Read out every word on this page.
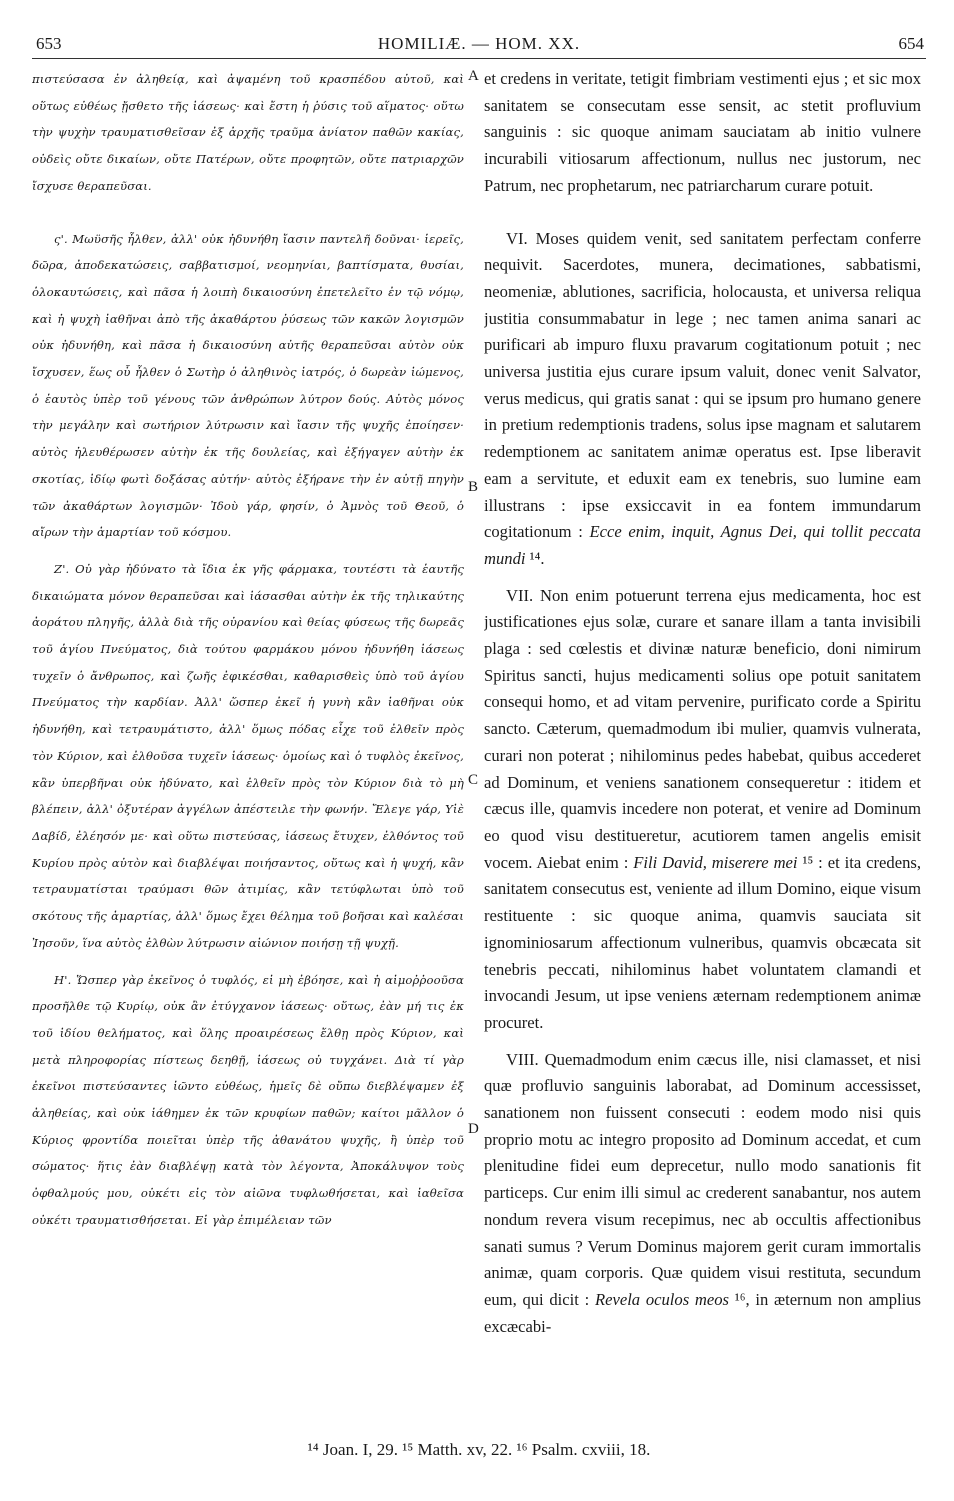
653	HOMILIÆ. — HOM. XX.	654
A
B
C
D

πιστεύσασα ἐν ἀληθείᾳ, καὶ ἀψαμένη τοῦ κρασπέδου αὐτοῦ, καὶ οὕτως εὐθέως ᾔσθετο τῆς ἰάσεως· καὶ ἔστη ἡ ῥύσις τοῦ αἵματος· οὕτω τὴν ψυχὴν τραυματισθεῖσαν ἐξ ἀρχῆς τραῦμα ἀνίατον παθῶν κακίας, οὐδεὶς οὔτε δικαίων, οὔτε Πατέρων, οὔτε προφητῶν, οὔτε πατριαρχῶν ἴσχυσε θεραπεῦσαι.

ς'. Μωϋσῆς ἦλθεν, ἀλλ' οὐκ ἠδυνήθη ἴασιν παντελῆ δοῦναι· ἱερεῖς, δῶρα, ἀποδεκατώσεις, σαββατισμοί, νεομηνίαι, βαπτίσματα, θυσίαι, ὁλοκαυτώσεις, καὶ πᾶσα ἡ λοιπὴ δικαιοσύνη ἐπετελεῖτο ἐν τῷ νόμῳ, καὶ ἡ ψυχὴ ἰαθῆναι ἀπὸ τῆς ἀκαθάρτου ῥύσεως τῶν κακῶν λογισμῶν οὐκ ἠδυνήθη, καὶ πᾶσα ἡ δικαιοσύνη αὐτῆς θεραπεῦσαι αὐτὸν οὐκ ἴσχυσεν, ἕως οὗ ἦλθεν ὁ Σωτὴρ ὁ ἀληθινὸς ἰατρός, ὁ δωρεὰν ἰώμενος, ὁ ἑαυτὸς ὑπὲρ τοῦ γένους τῶν ἀνθρώπων λύτρον δούς. Αὐτὸς μόνος τὴν μεγάλην καὶ σωτήριον λύτρωσιν καὶ ἴασιν τῆς ψυχῆς ἐποίησεν· αὐτὸς ἠλευθέρωσεν αὐτὴν ἐκ τῆς δουλείας, καὶ ἐξήγαγεν αὐτὴν ἐκ σκοτίας, ἰδίῳ φωτὶ δοξάσας αὐτήν· αὐτὸς ἐξήρανε τὴν ἐν αὐτῇ πηγὴν τῶν ἀκαθάρτων λογισμῶν· Ἰδοὺ γάρ, φησίν, ὁ Ἀμνὸς τοῦ Θεοῦ, ὁ αἴρων τὴν ἁμαρτίαν τοῦ κόσμου.

Ζ'. Οὐ γὰρ ἠδύνατο τὰ ἴδια ἐκ γῆς φάρμακα, τουτέστι τὰ ἑαυτῆς δικαιώματα μόνον θεραπεῦσαι καὶ ἰάσασθαι αὐτὴν ἐκ τῆς τηλικαύτης ἀοράτου πληγῆς, ἀλλὰ διὰ τῆς οὐρανίου καὶ θείας φύσεως τῆς δωρεᾶς τοῦ ἁγίου Πνεύματος, διὰ τούτου φαρμάκου μόνου ἠδυνήθη ἰάσεως τυχεῖν ὁ ἄνθρωπος, καὶ ζωῆς ἐφικέσθαι, καθαρισθεὶς ὑπὸ τοῦ ἁγίου Πνεύματος τὴν καρδίαν. Ἀλλ' ὥσπερ ἐκεῖ ἡ γυνὴ κἂν ἰαθῆναι οὐκ ἠδυνήθη, καὶ τετραυμάτιστο, ἀλλ' ὅμως πόδας εἶχε τοῦ ἐλθεῖν πρὸς τὸν Κύριον, καὶ ἐλθοῦσα τυχεῖν ἰάσεως· ὁμοίως καὶ ὁ τυφλὸς ἐκεῖνος, κἂν ὑπερβῆναι οὐκ ἠδύνατο, καὶ ἐλθεῖν πρὸς τὸν Κύριον διὰ τὸ μὴ βλέπειν, ἀλλ' ὀξυτέραν ἀγγέλων ἀπέστειλε τὴν φωνήν. Ἔλεγε γάρ, Υἱὲ Δαβίδ, ἐλέησόν με· καὶ οὕτω πιστεύσας, ἰάσεως ἔτυχεν, ἐλθόντος τοῦ Κυρίου πρὸς αὐτὸν καὶ διαβλέψαι ποιήσαντος, οὕτως καὶ ἡ ψυχή, κἂν τετραυματίσται τραύμασι θῶν ἀτιμίας, κἂν τετύφλωται ὑπὸ τοῦ σκότους τῆς ἁμαρτίας, ἀλλ' ὅμως ἔχει θέλημα τοῦ βοῆσαι καὶ καλέσαι Ἰησοῦν, ἵνα αὐτὸς ἐλθὼν λύτρωσιν αἰώνιον ποιήσῃ τῇ ψυχῇ.

Η'. Ὥσπερ γὰρ ἐκεῖνος ὁ τυφλός, εἰ μὴ ἐβόησε, καὶ ἡ αἱμοῤῥοοῦσα προσῆλθε τῷ Κυρίῳ, οὐκ ἂν ἐτύγχανον ἰάσεως· οὕτως, ἐὰν μή τις ἐκ τοῦ ἰδίου θελήματος, καὶ ὅλης προαιρέσεως ἔλθῃ πρὸς Κύριον, καὶ μετὰ πληροφορίας πίστεως δεηθῇ, ἰάσεως οὐ τυγχάνει. Διὰ τί γὰρ ἐκεῖνοι πιστεύσαντες ἰῶντο εὐθέως, ἡμεῖς δὲ οὔπω διεβλέψαμεν ἐξ ἀληθείας, καὶ οὐκ ἰάθημεν ἐκ τῶν κρυφίων παθῶν; καίτοι μᾶλλον ὁ Κύριος φροντίδα ποιεῖται ὑπὲρ τῆς ἀθανάτου ψυχῆς, ἢ ὑπὲρ τοῦ σώματος· ἥτις ἐὰν διαβλέψῃ κατὰ τὸν λέγοντα, Ἀποκάλυψον τοὺς ὀφθαλμούς μου, οὐκέτι εἰς τὸν αἰῶνα τυφλωθήσεται, καὶ ἰαθεῖσα οὐκέτι τραυματισθήσεται. Εἰ γὰρ ἐπιμέλειαν τῶν

et credens in veritate, tetigit fimbriam vestimenti ejus ; et sic mox sanitatem se consecutam esse sensit, ac stetit profluvium sanguinis : sic quoque animam sauciatam ab initio vulnere incurabili vitiosarum affectionum, nullus nec justorum, nec Patrum, nec prophetarum, nec patriarcharum curare potuit.

VI. Moses quidem venit, sed sanitatem perfectam conferre nequivit. Sacerdotes, munera, decimationes, sabbatismi, neomeniæ, ablutiones, sacrificia, holocausta, et universa reliqua justitia consummabatur in lege ; nec tamen anima sanari ac purificari ab impuro fluxu pravarum cogitationum potuit ; nec universa justitia ejus curare ipsum valuit, donec venit Salvator, verus medicus, qui gratis sanat : qui se ipsum pro humano genere in pretium redemptionis tradens, solus ipse magnam et salutarem redemptionem ac sanitatem animæ operatus est. Ipse liberavit eam a servitute, et eduxit eam ex tenebris, suo lumine eam illustrans : ipse exsiccavit in ea fontem immundarum cogitationum : Ecce enim, inquit, Agnus Dei, qui tollit peccata mundi ¹⁴.

VII. Non enim potuerunt terrena ejus medicamenta, hoc est justificationes ejus solæ, curare et sanare illam a tanta invisibili plaga : sed cœlestis et divinæ naturæ beneficio, doni nimirum Spiritus sancti, hujus medicamenti solius ope potuit sanitatem consequi homo, et ad vitam pervenire, purificato corde a Spiritu sancto. Cæterum, quemadmodum ibi mulier, quamvis vulnerata, curari non poterat ; nihilominus pedes habebat, quibus accederet ad Dominum, et veniens sanationem consequeretur : itidem et cæcus ille, quamvis incedere non poterat, et venire ad Dominum eo quod visu destitueretur, acutiorem tamen angelis emisit vocem. Aiebat enim : Fili David, miserere mei ¹⁵ : et ita credens, sanitatem consecutus est, veniente ad illum Domino, eique visum restituente : sic quoque anima, quamvis sauciata sit ignominiosarum affectionum vulneribus, quamvis obcæcata sit tenebris peccati, nihilominus habet voluntatem clamandi et invocandi Jesum, ut ipse veniens æternam redemptionem animæ procuret.

VIII. Quemadmodum enim cæcus ille, nisi clamasset, et nisi quæ profluvio sanguinis laborabat, ad Dominum accessisset, sanationem non fuissent consecuti : eodem modo nisi quis proprio motu ac integro proposito ad Dominum accedat, et cum plenitudine fidei eum deprecetur, nullo modo sanationis fit particeps. Cur enim illi simul ac crederent sanabantur, nos autem nondum revera visum recepimus, nec ab occultis affectionibus sanati sumus ? Verum Dominus majorem gerit curam immortalis animæ, quam corporis. Quæ quidem visui restituta, secundum eum, qui dicit : Revela oculos meos ¹⁶, in æternum non amplius excæcabi-

¹⁴ Joan. I, 29. ¹⁵ Matth. xv, 22. ¹⁶ Psalm. cxviii, 18.
